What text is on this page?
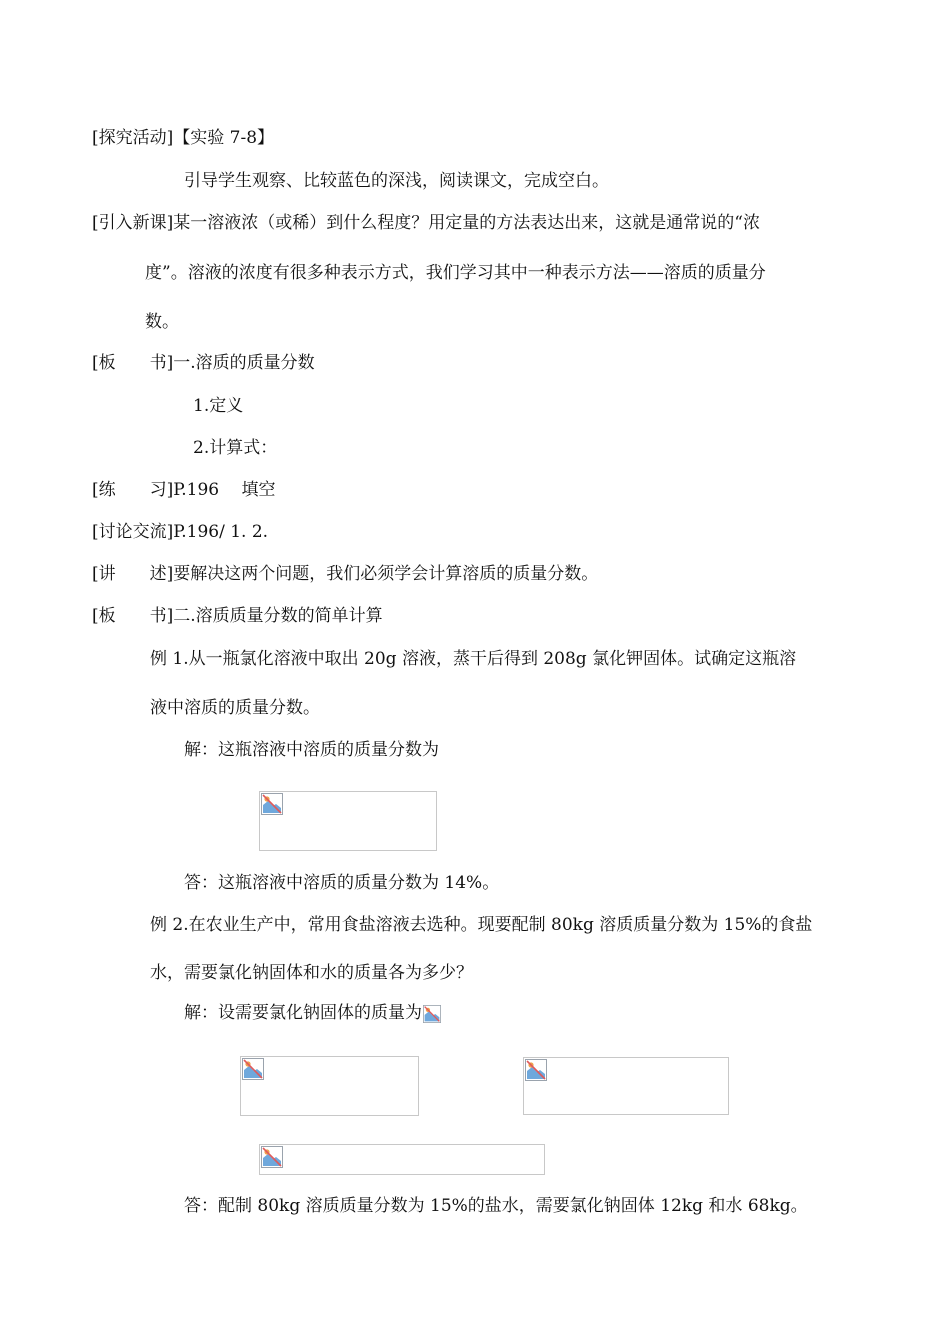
[探究活动]【实验 7-8】
引导学生观察、比较蓝色的深浅，阅读课文，完成空白。
[引入新课]某一溶液浓（或稀）到什么程度？用定量的方法表达出来，这就是通常说的“浓
度”。溶液的浓度有很多种表示方式，我们学习其中一种表示方法——溶质的质量分
数。
[板　　书]一.溶质的质量分数
1.定义
2.计算式：
[练　　习]P.196　 填空
[讨论交流]P.196/ 1. 2.
[讲　　述]要解决这两个问题，我们必须学会计算溶质的质量分数。
[板　　书]二.溶质质量分数的简单计算
例 1.从一瓶氯化溶液中取出 20g 溶液，蒸干后得到 208g 氯化钾固体。试确定这瓶溶
液中溶质的质量分数。
解：这瓶溶液中溶质的质量分数为
答：这瓶溶液中溶质的质量分数为 14%。
例 2.在农业生产中，常用食盐溶液去选种。现要配制 80kg 溶质质量分数为 15%的食盐
水，需要氯化钠固体和水的质量各为多少？
解：设需要氯化钠固体的质量为
答：配制 80kg 溶质质量分数为 15%的盐水，需要氯化钠固体 12kg 和水 68kg。
